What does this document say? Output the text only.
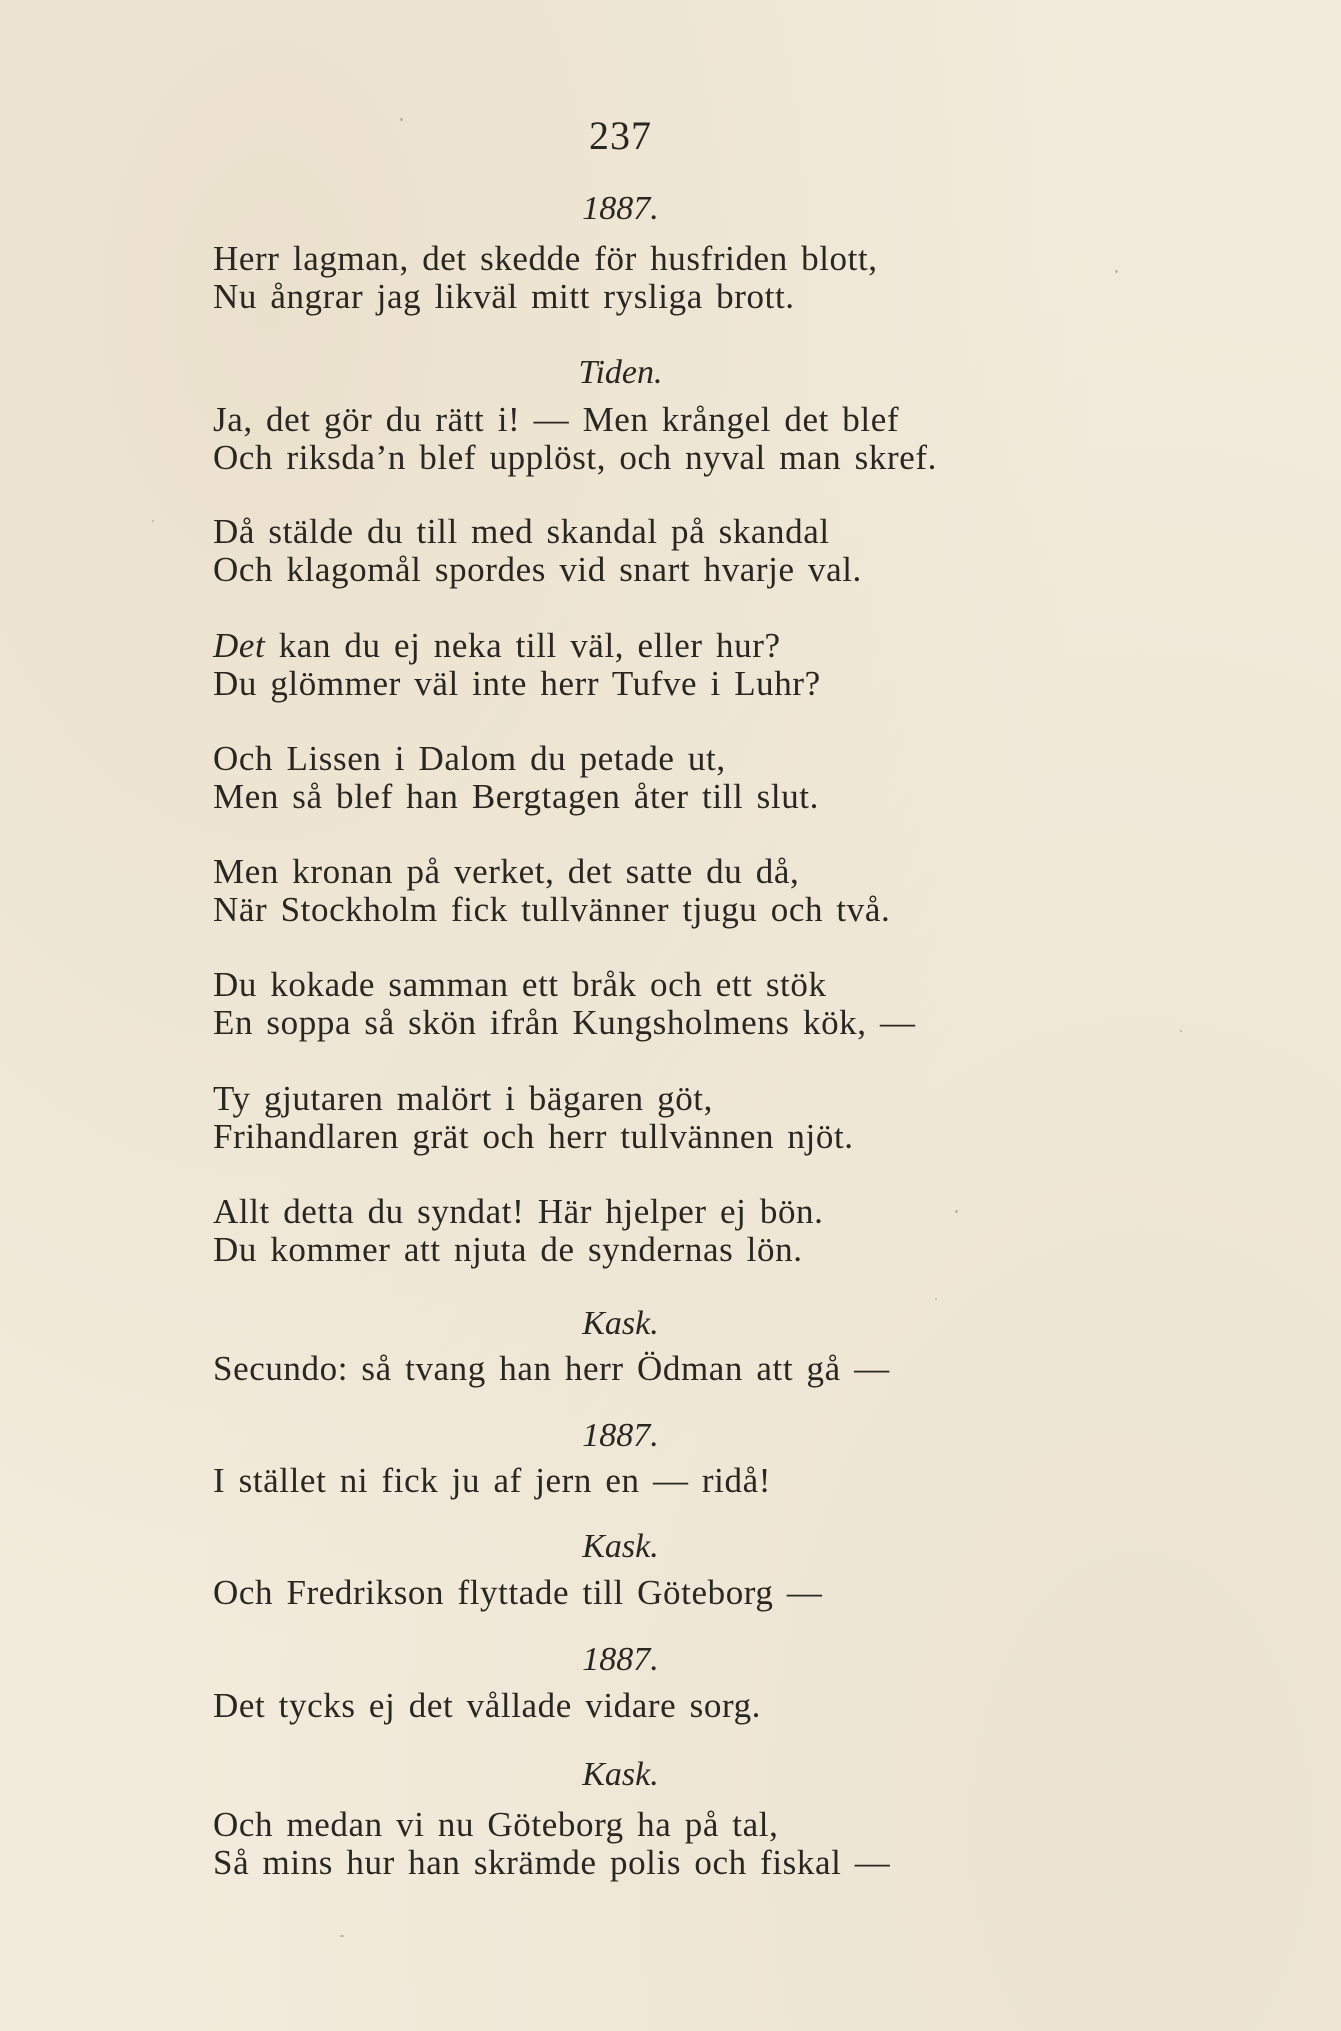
237
1887.
Herr lagman, det skedde för husfriden blott,
Nu ångrar jag likväl mitt rysliga brott.
Tiden.
Ja, det gör du rätt i! — Men krångel det blef
Och riksda’n blef upplöst, och nyval man skref.
Då stälde du till med skandal på skandal
Och klagomål spordes vid snart hvarje val.
Det kan du ej neka till väl, eller hur?
Du glömmer väl inte herr Tufve i Luhr?
Och Lissen i Dalom du petade ut,
Men så blef han Bergtagen åter till slut.
Men kronan på verket, det satte du då,
När Stockholm fick tullvänner tjugu och två.
Du kokade samman ett bråk och ett stök
En soppa så skön ifrån Kungsholmens kök, —
Ty gjutaren malört i bägaren göt,
Frihandlaren grät och herr tullvännen njöt.
Allt detta du syndat! Här hjelper ej bön.
Du kommer att njuta de syndernas lön.
Kask.
Secundo: så tvang han herr Ödman att gå —
1887.
I stället ni fick ju af jern en — ridå!
Kask.
Och Fredrikson flyttade till Göteborg —
1887.
Det tycks ej det vållade vidare sorg.
Kask.
Och medan vi nu Göteborg ha på tal,
Så mins hur han skrämde polis och fiskal —
